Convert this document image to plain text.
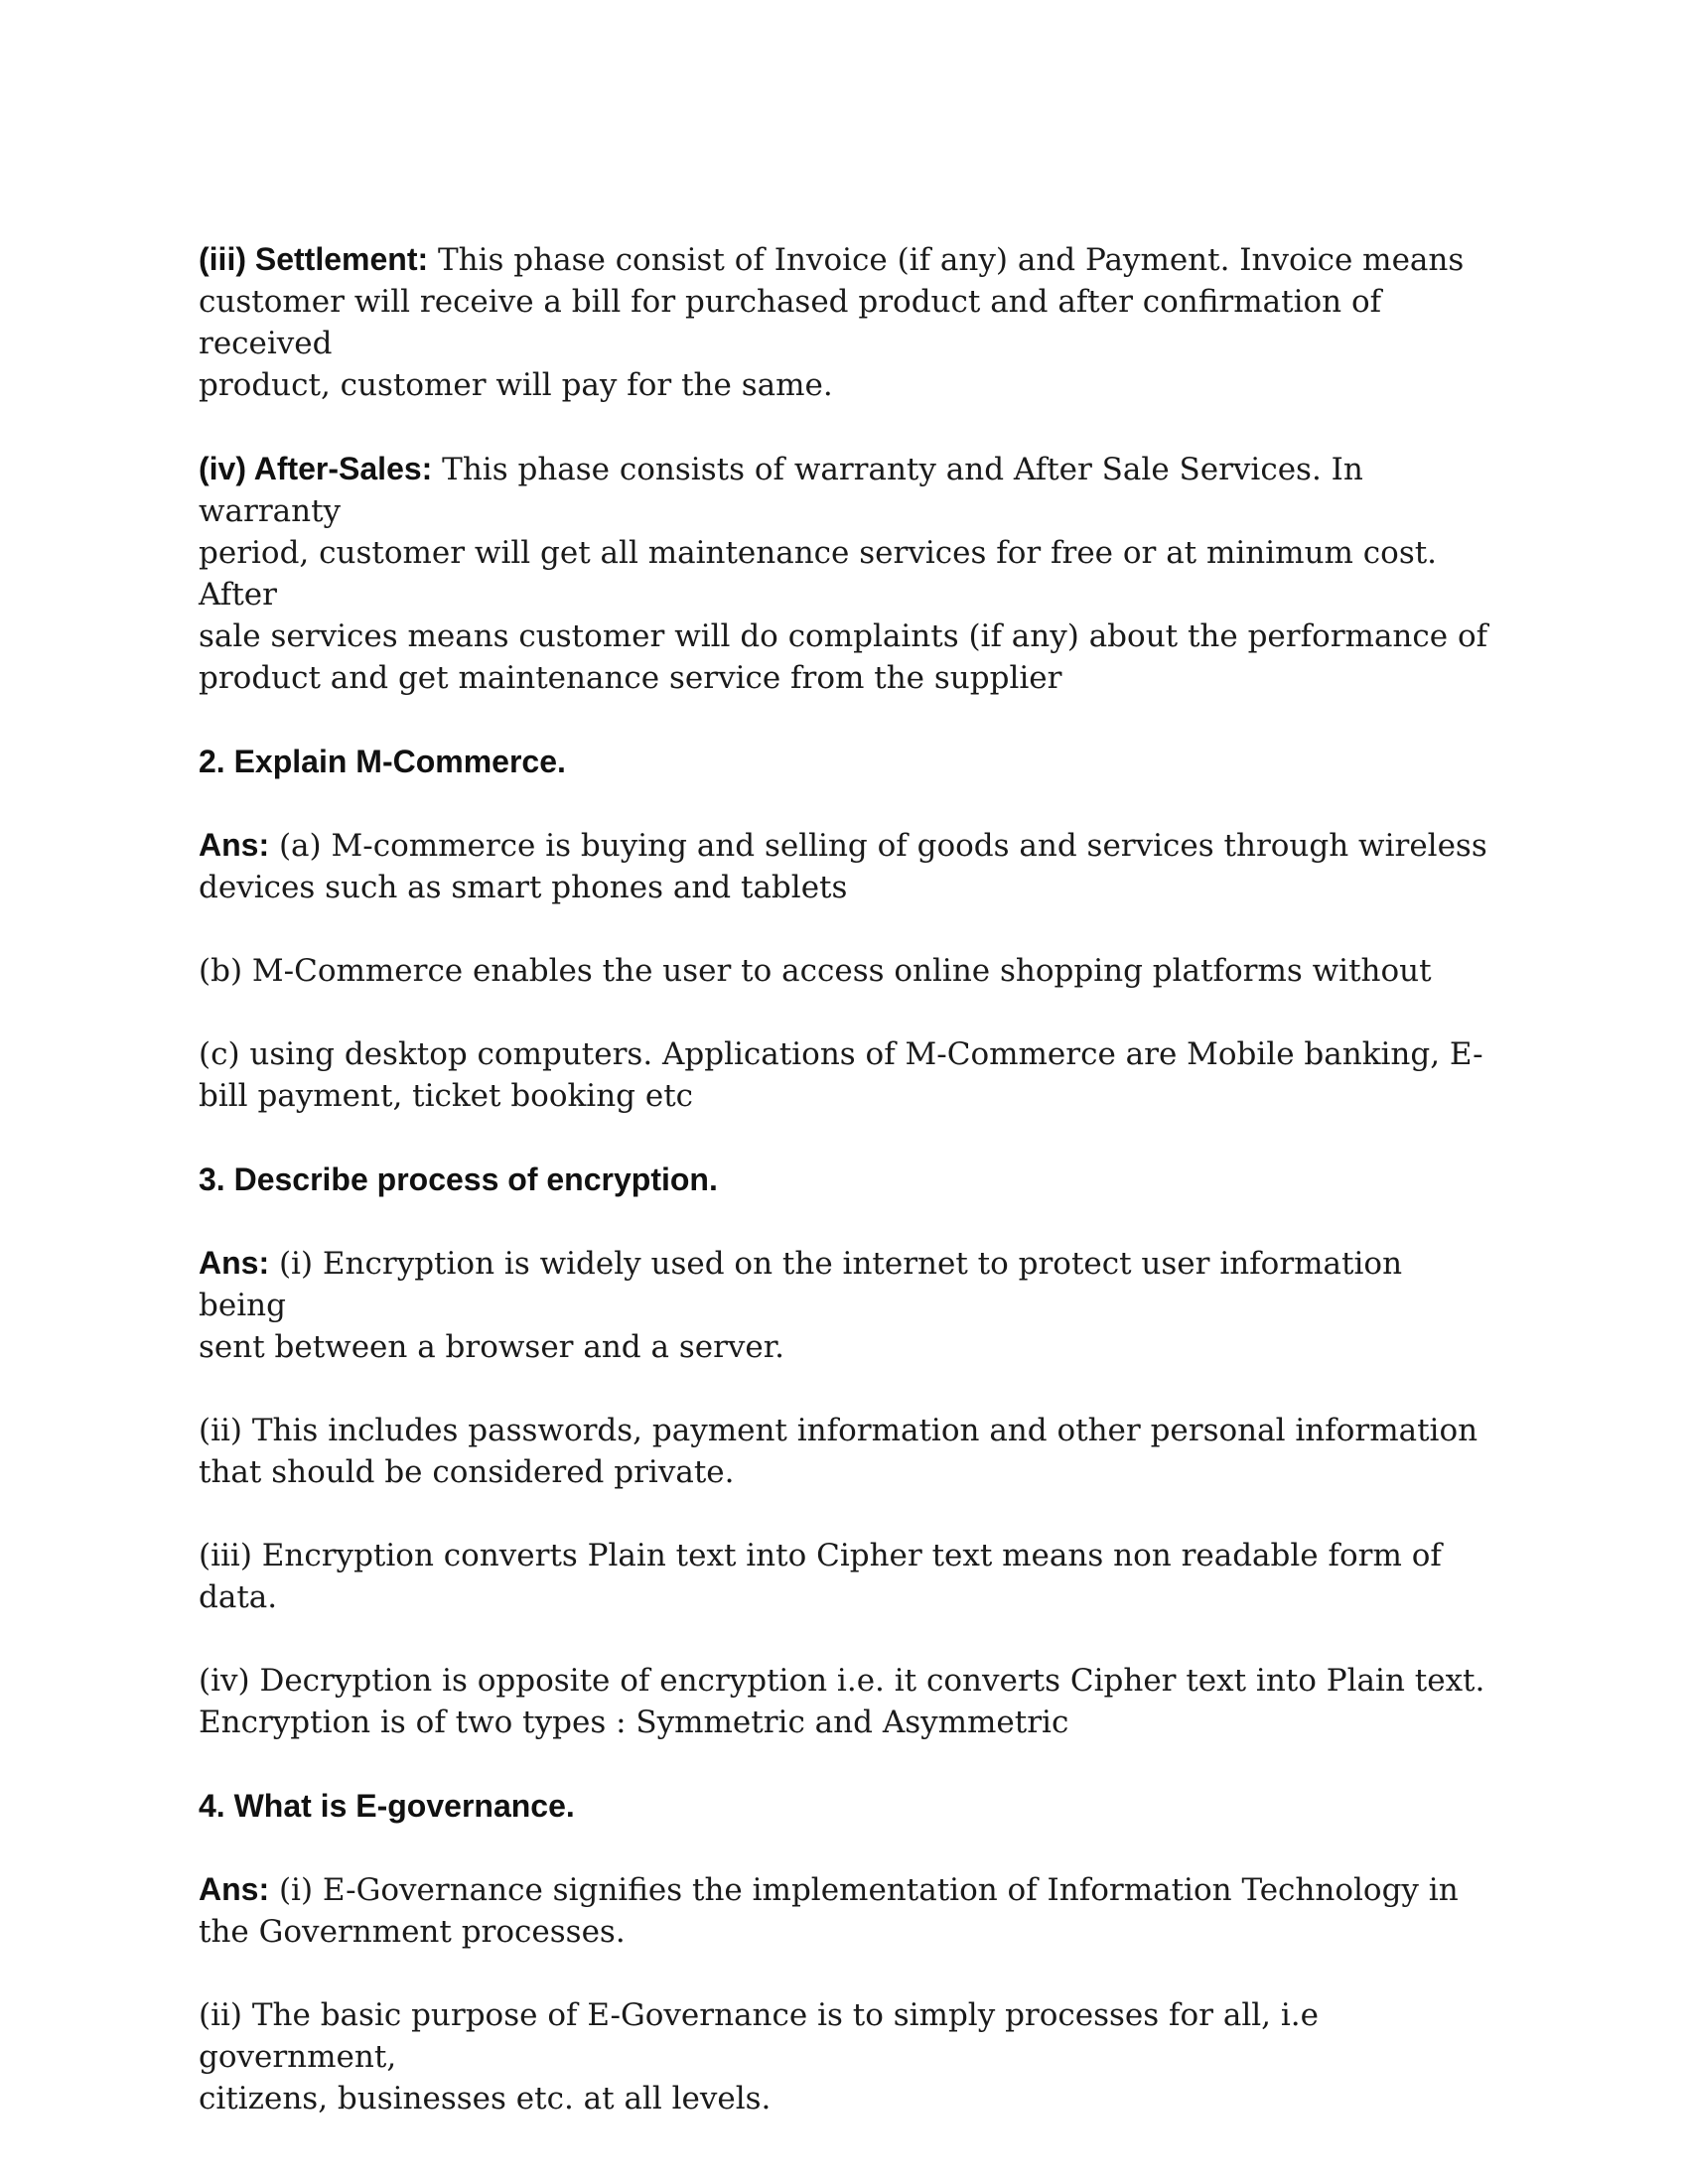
(iii) Settlement: This phase consist of Invoice (if any) and Payment. Invoice means
customer will receive a bill for purchased product and after confirmation of received
product, customer will pay for the same.

(iv) After-Sales: This phase consists of warranty and After Sale Services. In warranty
period, customer will get all maintenance services for free or at minimum cost. After
sale services means customer will do complaints (if any) about the performance of
product and get maintenance service from the supplier

2. Explain M-Commerce.

Ans: (a) M-commerce is buying and selling of goods and services through wireless
devices such as smart phones and tablets

(b) M-Commerce enables the user to access online shopping platforms without

(c) using desktop computers. Applications of M-Commerce are Mobile banking, E-
bill payment, ticket booking etc

3. Describe process of encryption.

Ans: (i) Encryption is widely used on the internet to protect user information being
sent between a browser and a server.

(ii) This includes passwords, payment information and other personal information
that should be considered private.

(iii) Encryption converts Plain text into Cipher text means non readable form of
data.

(iv) Decryption is opposite of encryption i.e. it converts Cipher text into Plain text.
Encryption is of two types : Symmetric and Asymmetric

4. What is E-governance.

Ans: (i) E-Governance signifies the implementation of Information Technology in
the Government processes.

(ii) The basic purpose of E-Governance is to simply processes for all, i.e government,
citizens, businesses etc. at all levels.
